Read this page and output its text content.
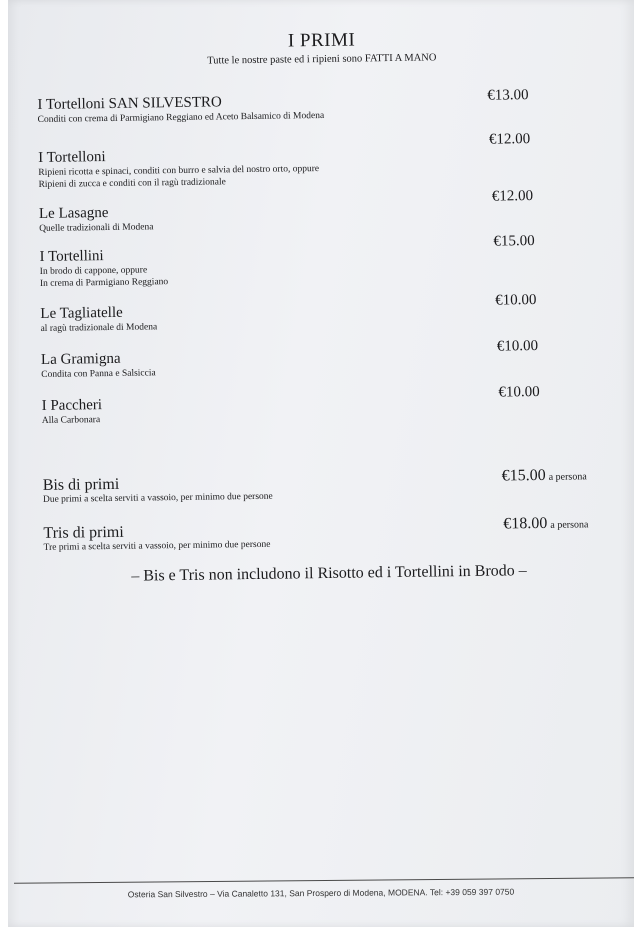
I PRIMI
Tutte le nostre paste ed i ripieni sono FATTI A MANO
I Tortelloni SAN SILVESTRO
Conditi con crema di Parmigiano Reggiano ed Aceto Balsamico di Modena
€13.00
I Tortelloni
Ripieni ricotta e spinaci, conditi con burro e salvia del nostro orto, oppure
Ripieni di zucca e conditi con il ragù tradizionale
€12.00
Le Lasagne
Quelle tradizionali di Modena
€12.00
I Tortellini
In brodo di cappone, oppure
In crema di Parmigiano Reggiano
€15.00
Le Tagliatelle
al ragù tradizionale di Modena
€10.00
La Gramigna
Condita con Panna e Salsiccia
€10.00
I Paccheri
Alla Carbonara
€10.00
Bis di primi
Due primi a scelta serviti a vassoio, per minimo due persone
€15.00 a persona
Tris di primi
Tre primi a scelta serviti a vassoio, per minimo due persone
€18.00 a persona
– Bis e Tris non includono il Risotto ed i Tortellini in Brodo –
Osteria San Silvestro – Via Canaletto 131, San Prospero di Modena, MODENA. Tel: +39 059 397 0750
